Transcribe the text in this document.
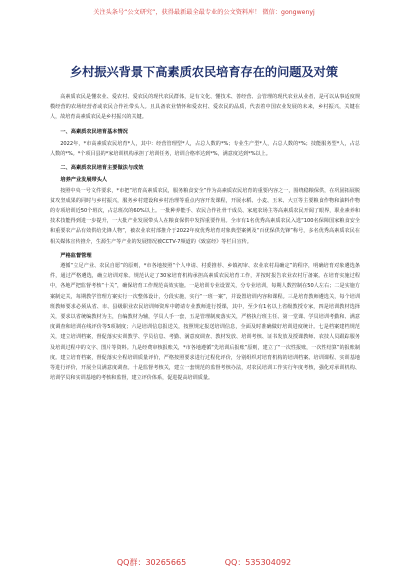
关注头条号“公文研究”，获得最新最全最专业的公文资料库！ 微信：gongwenyj
乡村振兴背景下高素质农民培育存在的问题及对策

高素质农民是懂农业、爱农村、爱农民的现代农民群体，是有文化、懂技术、善经营、会管理的现代农业从业者，是可以从事适度规模经营的农场经营者或农民合作社带头人。且具备农业情怀和爱农村、爱农民的品质，代表着中国农业发展的未来，乡村振兴，关键在人，故培育高素质农民是乡村振兴的关键。

一、高素质农民培育基本情况

2022年，*市高素质农民培育*人，其中：经营管理型*人，占总人数的*%；专业生产型*人，占总人数的*%；技能服务型*人，占总人数的*%。*个项目县的*家培训机构承担了培训任务，培训合格率达到*%，满意度达到*%以上。

二、高素质农民培育主要做法与成效
培养产业发展带头人

按照中央一号文件要求，*市把“培育高素质农民，服务粮食安全”作为高素质农民培育的重要内容之一，围绕稳粮保供，在巩固拓展脱贫攻坚成果的同时与乡村振兴，服务乡村建设和乡村治理等重点内容开发课程，开展水稻、小麦、玉米、大豆等主要粮食作物和油料作物的专项培训近50个班次，占总班次的60%以上。一批种养能手、农民合作社骨干成员、家庭农场主等高素质农民开阔了眼界，职业素养和技术技能得到进一步提升，一大批产业发展带头人在粮食保供中发挥重要作用。全市有1名优秀高素质农民入选“100名保障国家粮食安全和重要农产品有效供给先锋人物”，被农业农村部推介于2022年度优秀培育对象典型案例及“百优保供先锋”称号，多名优秀高素质农民在相关媒体宣传推介，生源生产等产业的发展情况被CCTV-7频道的《致富经》等栏目宣传。

严格监督管理

遵循“立足产业、农民自愿”的原则，*市各地按照“个人申请、村委推荐、乡镇初审、农业农村局确定”的程序，明确培育对象遴选条件，通过严格遴选，确立培训对象。规范认定了30家培育机构承担高素质农民培育工作，并按时报告农业农村厅备案。在培育实施过程中，各地严把监督考核“十关”，确保培育工作规范高效实施。一是培训专业设置关，分专业培训，每期人数控制在50人左右；二是实施方案制定关，每期教学管理方案实行一次整体设计，分段实施，实行“一班一案”，并设置培训内容和课程。三是培育教师遴选关，每个培训班教师要求必须从省、市、县级职业农民培训师资库中聘请专业教师进行授课，其中，至少有1名以上省级教授专家，四是培训教材选择关，要求以省统编教材为主，自编教材为辅，学员人手一套，五是管理制度落实关，严格执行班主任、第一堂课、学员培训考勤和、满意度调查和培训在线评价等5项制度；六是培训信息报送关，按照规定报送培训信息，全面及时准确做好培训进度统计。七是档案建档规范关，建立培训档案，督促落实实训教学、学员信息、考勤、满意度调查、教材发放、培训考核、证书发放及授课教师、农技人员跟踪服务及培训过程中的文字、图片等资料。九是经费审核报账关，*市各地遵循“先培训后报账”原则，建立了“一次性报账，一次性结算”的报账制度。建立培育档案，督促落实全程培训质量评价，严格按照要求进行过程化评价，分别组织对培育机构的培训档案、培训课程、实训基地等进行评价，开展全员满意度调查。十是监督考核关，建立一套规范的监督考核办法，对农民培训工作实行年度考核，强化对承训机构、培训学员和实训基地的考核和监督，建立评价体系，促进提高培训质量。

QQ群：30265665	QQ：535304092
